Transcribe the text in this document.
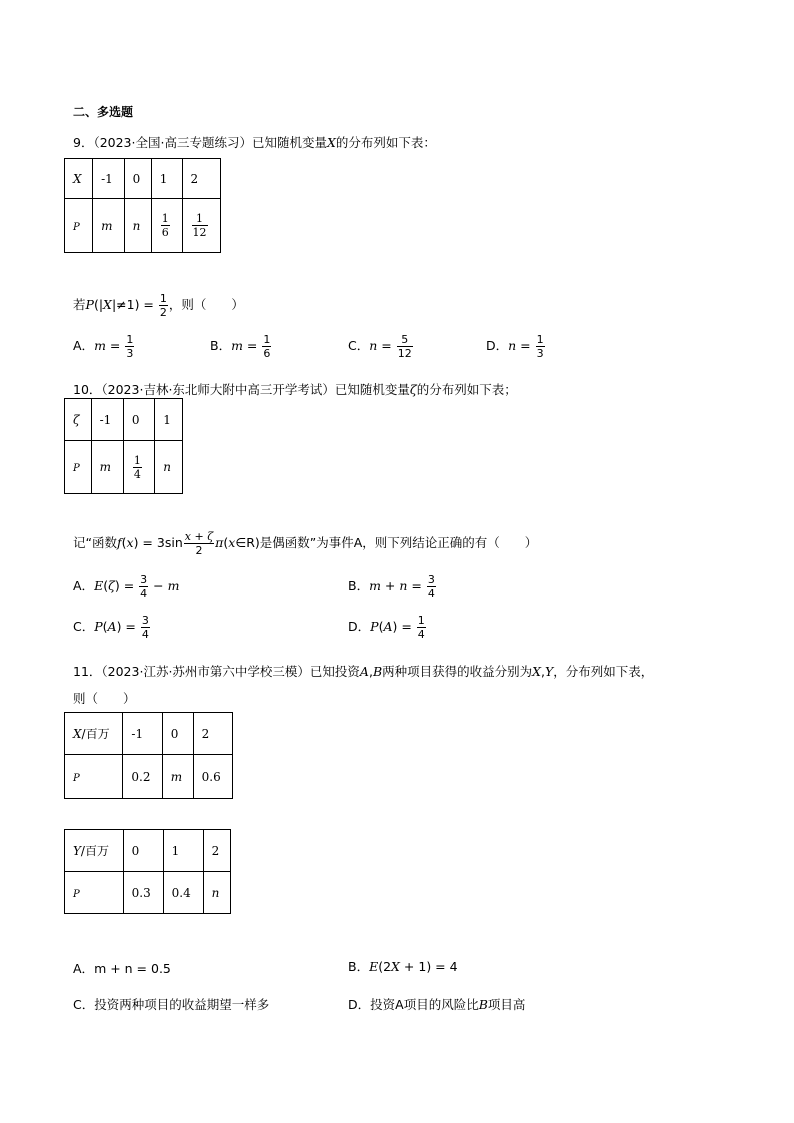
二、多选题
9．（2023·全国·高三专题练习）已知随机变量X的分布列如下表：
X	-1	0	1	2
P	m	n	$\frac{1}{6}$	$\frac{1}{12}$
若$P(|X|\ne 1) = \frac{1}{2}$ ，则（　　）
A．$m = \frac{1}{3}$	B．$m = \frac{1}{6}$	C．$n = \frac{5}{12}$	D．$n = \frac{1}{3}$
10．（2023·吉林·东北师大附中高三开学考试）已知随机变量ζ的分布列如下表；
ζ	-1	0	1
P	m	$\frac{1}{4}$	n
记“函数$f(x) = 3\sin \frac{x + \zeta}{2}$ π(x∈R)是偶函数”为事件A，则下列结论正确的有（　　）
A．$E(\zeta) = \frac{3}{4} - m$	B．$m + n = \frac{3}{4}$
C．$P(A) = \frac{3}{4}$	D．$P(A) = \frac{1}{4}$
11．（2023·江苏·苏州市第六中学校三模）已知投资A,B两种项目获得的收益分别为X,Y，分布列如下表，
则（　　）
X/百万	-1	0	2
P	0.2	m	0.6
Y/百万	0	1	2
P	0.3	0.4	n
A．m + n = 0.5	B．E(2X + 1) = 4
C．投资两种项目的收益期望一样多	D．投资A项目的风险比B项目高
